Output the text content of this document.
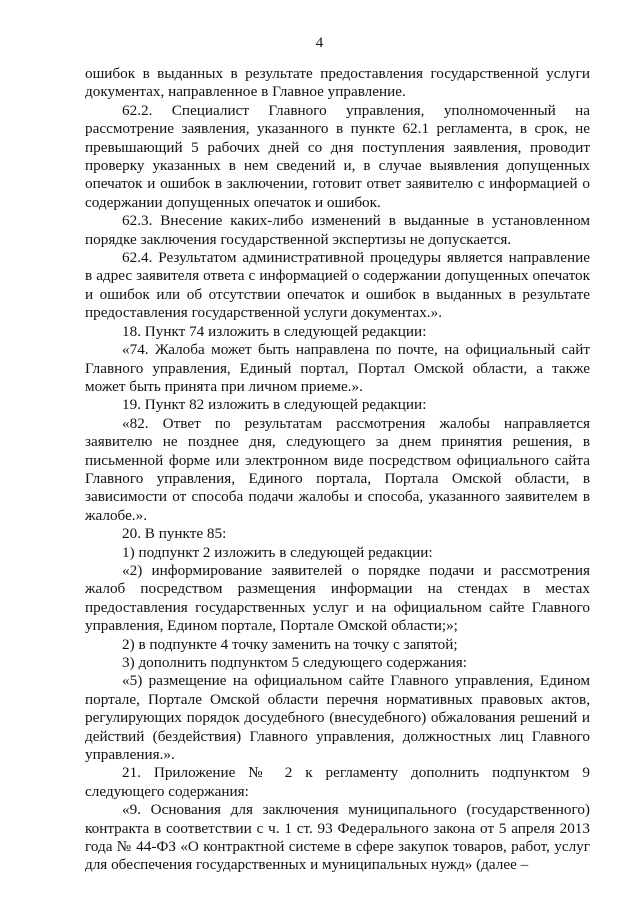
4

ошибок в выданных в результате предоставления государственной услуги документах, направленное в Главное управление.

62.2. Специалист Главного управления, уполномоченный на рассмотрение заявления, указанного в пункте 62.1 регламента, в срок, не превышающий 5 рабочих дней со дня поступления заявления, проводит проверку указанных в нем сведений и, в случае выявления допущенных опечаток и ошибок в заключении, готовит ответ заявителю с информацией о содержании допущенных опечаток и ошибок.

62.3. Внесение каких-либо изменений в выданные в установленном порядке заключения государственной экспертизы не допускается.

62.4. Результатом административной процедуры является направление в адрес заявителя ответа с информацией о содержании допущенных опечаток и ошибок или об отсутствии опечаток и ошибок в выданных в результате предоставления государственной услуги документах.».

18. Пункт 74 изложить в следующей редакции:

«74. Жалоба может быть направлена по почте, на официальный сайт Главного управления, Единый портал, Портал Омской области, а также может быть принята при личном приеме.».

19. Пункт 82 изложить в следующей редакции:

«82. Ответ по результатам рассмотрения жалобы направляется заявителю не позднее дня, следующего за днем принятия решения, в письменной форме или электронном виде посредством официального сайта Главного управления, Единого портала, Портала Омской области, в зависимости от способа подачи жалобы и способа, указанного заявителем в жалобе.».

20. В пункте 85:

1) подпункт 2 изложить в следующей редакции:

«2) информирование заявителей о порядке подачи и рассмотрения жалоб посредством размещения информации на стендах в местах предоставления государственных услуг и на официальном сайте Главного управления, Едином портале, Портале Омской области;»;

2) в подпункте 4 точку заменить на точку с запятой;

3) дополнить подпунктом 5 следующего содержания:

«5) размещение на официальном сайте Главного управления, Едином портале, Портале Омской области перечня нормативных правовых актов, регулирующих порядок досудебного (внесудебного) обжалования решений и действий (бездействия) Главного управления, должностных лиц Главного управления.».

21. Приложение № 2 к регламенту дополнить подпунктом 9 следующего содержания:

«9. Основания для заключения муниципального (государственного) контракта в соответствии с ч. 1 ст. 93 Федерального закона от 5 апреля 2013 года № 44-ФЗ «О контрактной системе в сфере закупок товаров, работ, услуг для обеспечения государственных и муниципальных нужд» (далее –
